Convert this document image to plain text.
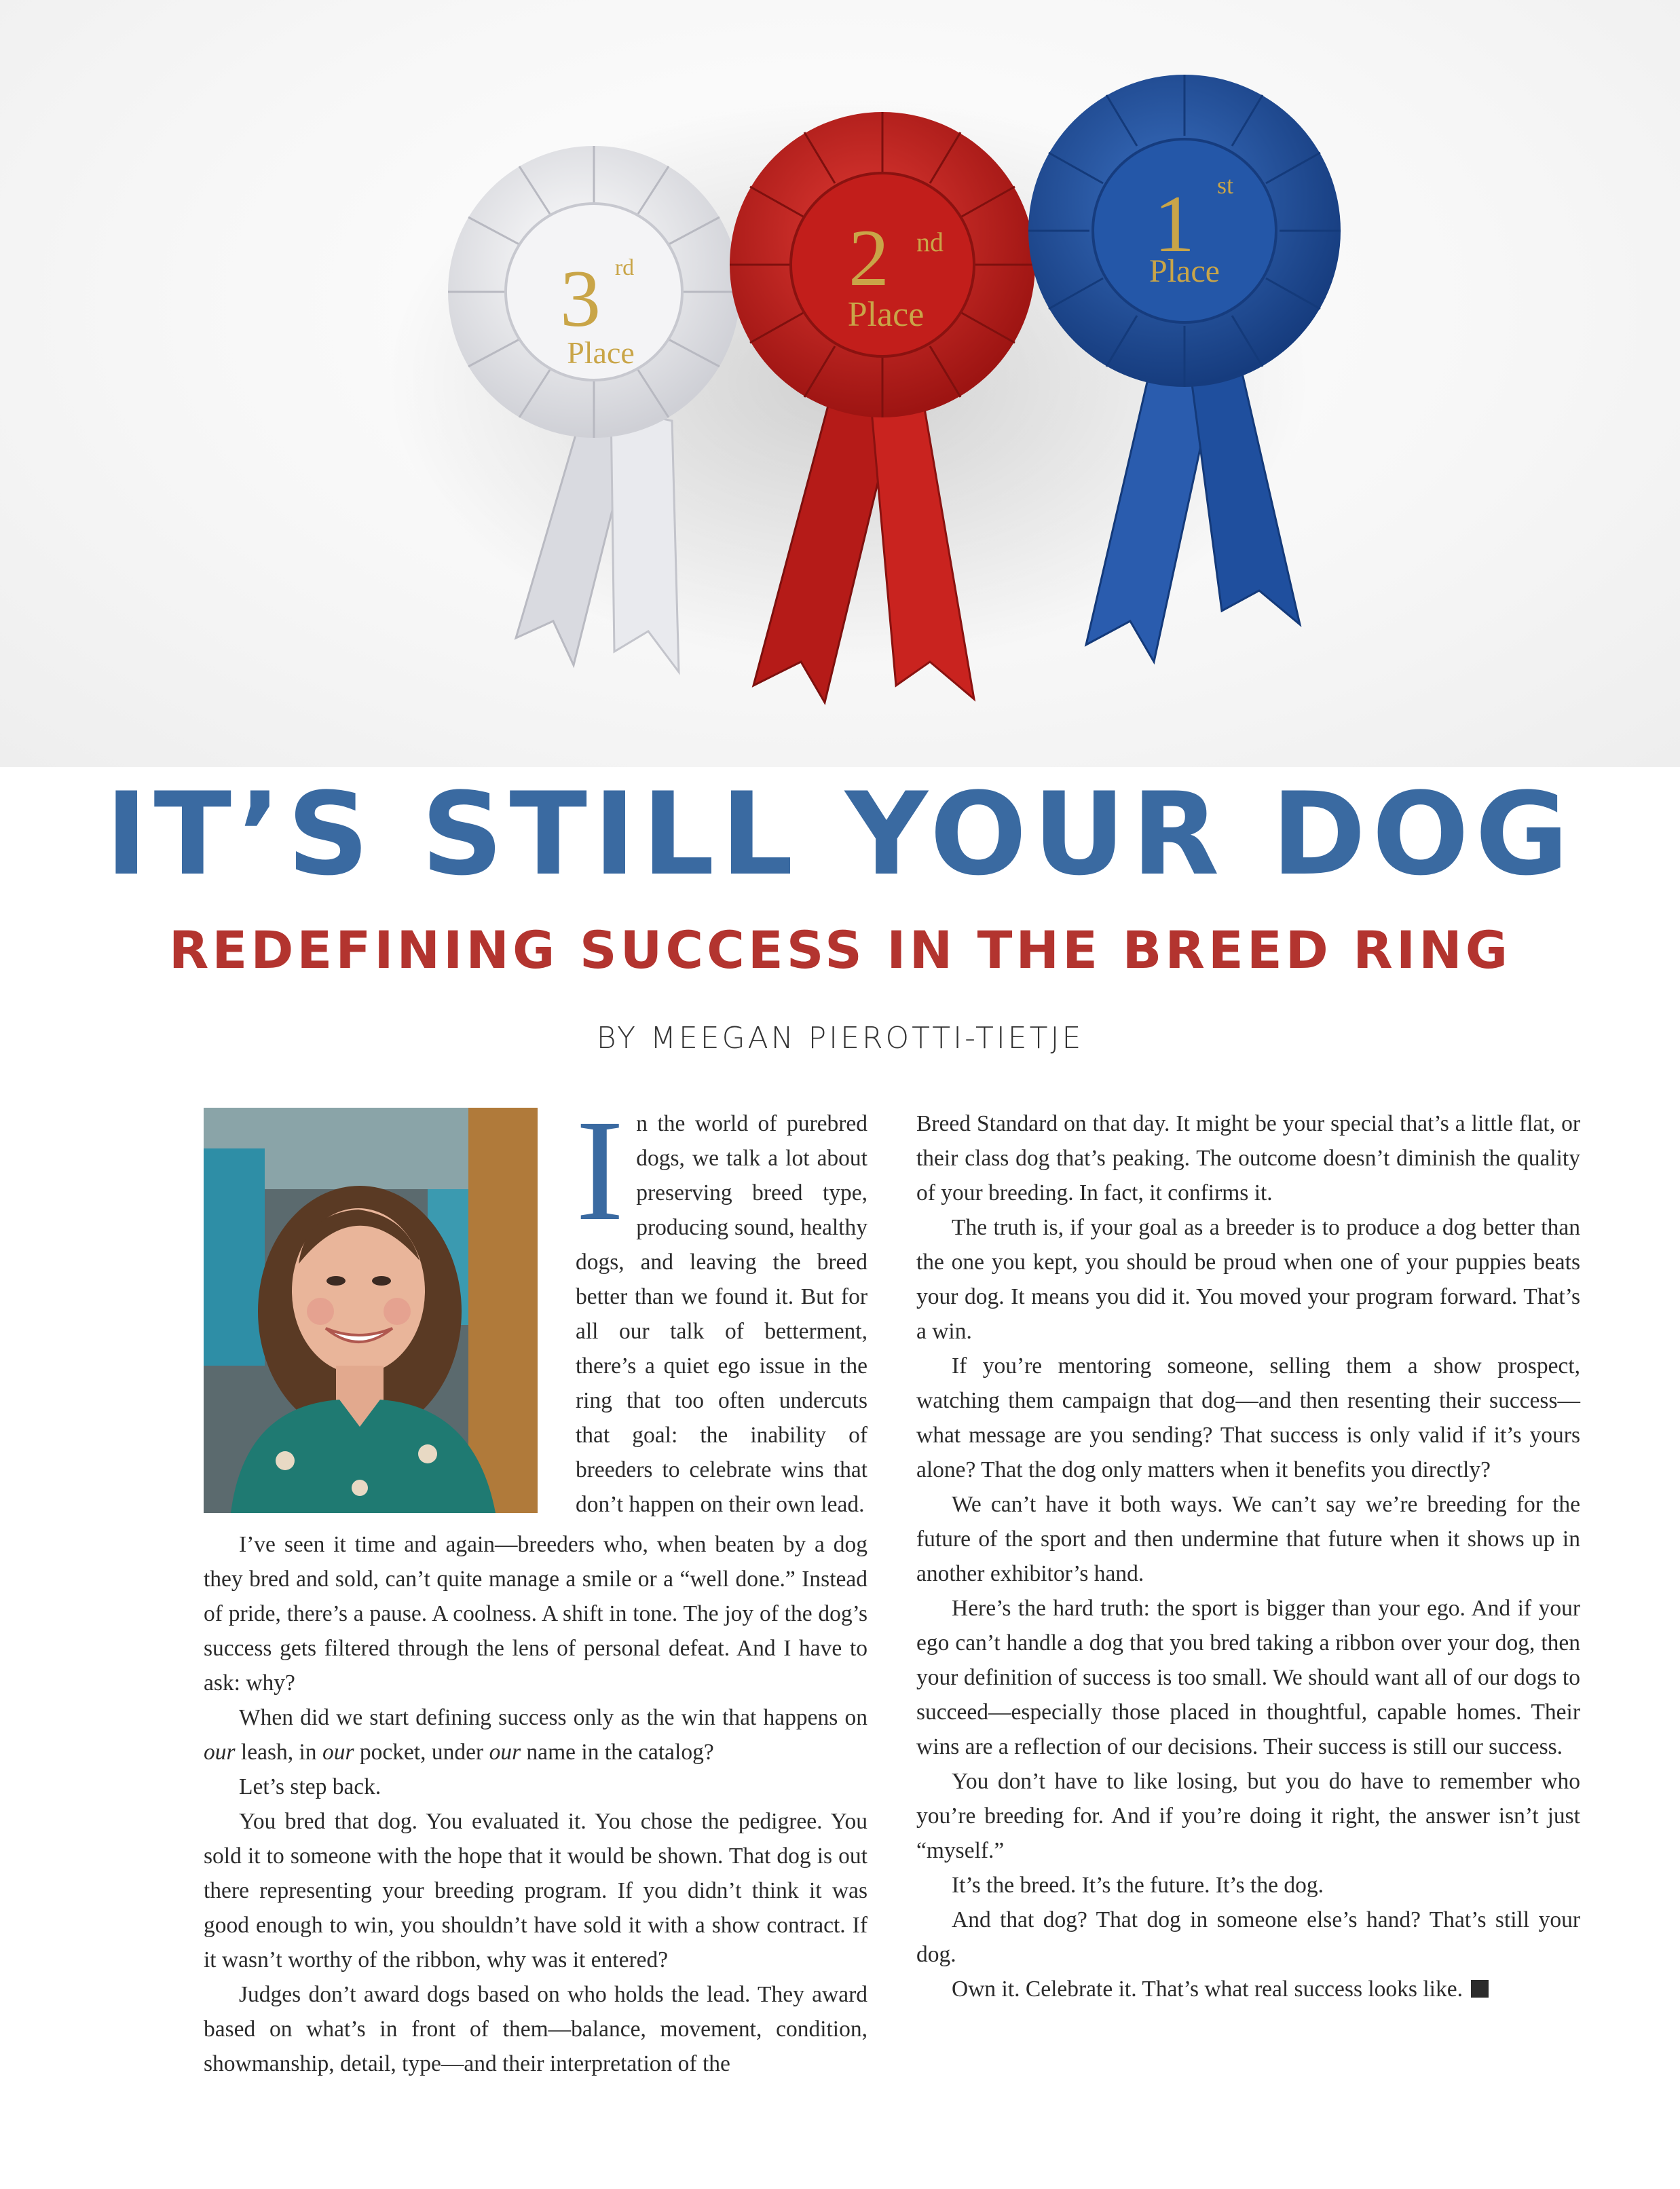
3 rd
Place
2 nd
Place
1 st
Place
IT’S STILL YOUR DOG
REDEFINING SUCCESS IN THE BREED RING
BY MEEGAN PIEROTTI-TIETJE

In the world of purebred dogs, we talk a lot about preserving breed type, producing sound, healthy dogs, and leaving the breed better than we found it. But for all our talk of betterment, there’s a quiet ego issue in the ring that too often undercuts that goal: the inability of breeders to celebrate wins that don’t happen on their own lead.

I’ve seen it time and again—breeders who, when beaten by a dog they bred and sold, can’t quite manage a smile or a “well done.” Instead of pride, there’s a pause. A coolness. A shift in tone. The joy of the dog’s success gets filtered through the lens of personal defeat. And I have to ask: why?

When did we start defining success only as the win that happens on our leash, in our pocket, under our name in the catalog?

Let’s step back.

You bred that dog. You evaluated it. You chose the pedigree. You sold it to someone with the hope that it would be shown. That dog is out there representing your breeding program. If you didn’t think it was good enough to win, you shouldn’t have sold it with a show contract. If it wasn’t worthy of the ribbon, why was it entered?

Judges don’t award dogs based on who holds the lead. They award based on what’s in front of them—balance, movement, condition, showmanship, detail, type—and their interpretation of the

Breed Standard on that day. It might be your special that’s a little flat, or their class dog that’s peaking. The outcome doesn’t diminish the quality of your breeding. In fact, it confirms it.

The truth is, if your goal as a breeder is to produce a dog better than the one you kept, you should be proud when one of your puppies beats your dog. It means you did it. You moved your program forward. That’s a win.

If you’re mentoring someone, selling them a show prospect, watching them campaign that dog—and then resenting their success—what message are you sending? That success is only valid if it’s yours alone? That the dog only matters when it benefits you directly?

We can’t have it both ways. We can’t say we’re breeding for the future of the sport and then undermine that future when it shows up in another exhibitor’s hand.

Here’s the hard truth: the sport is bigger than your ego. And if your ego can’t handle a dog that you bred taking a ribbon over your dog, then your definition of success is too small. We should want all of our dogs to succeed—especially those placed in thoughtful, capable homes. Their wins are a reflection of our decisions. Their success is still our success.

You don’t have to like losing, but you do have to remember who you’re breeding for. And if you’re doing it right, the answer isn’t just “myself.”

It’s the breed. It’s the future. It’s the dog.

And that dog? That dog in someone else’s hand? That’s still your dog.

Own it. Celebrate it. That’s what real success looks like.
